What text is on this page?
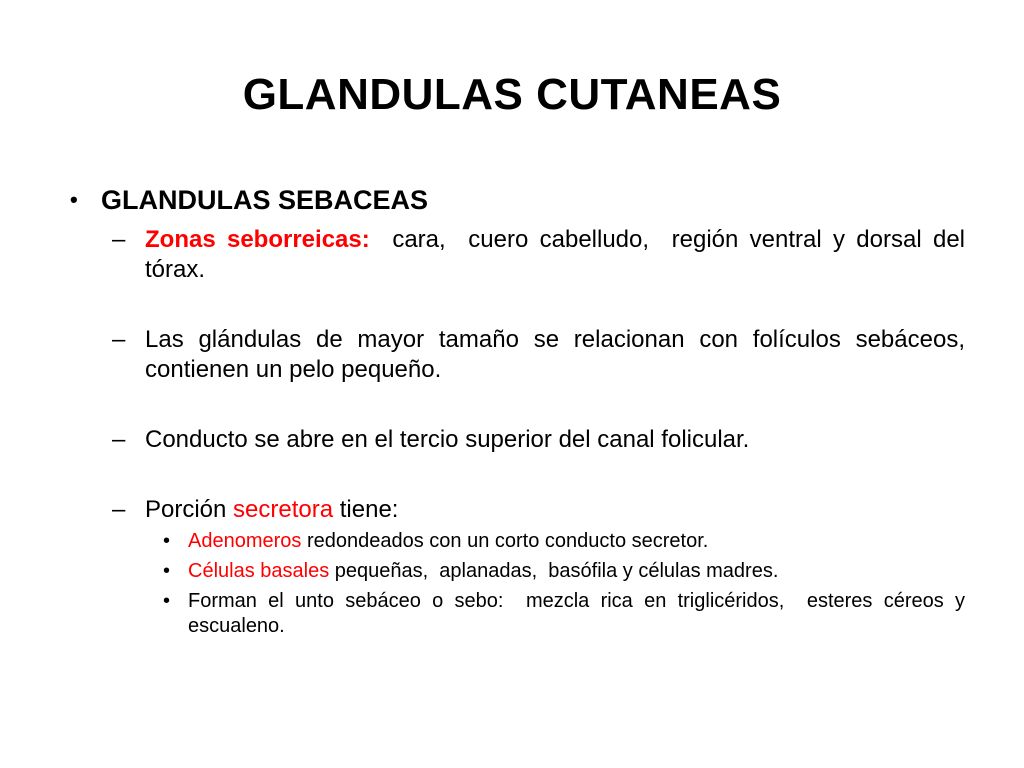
GLANDULAS CUTANEAS
• GLANDULAS SEBACEAS
– Zonas seborreicas:  cara,  cuero cabelludo,  región ventral y dorsal del tórax.
– Las glándulas de mayor tamaño se relacionan con folículos sebáceos,  contienen un pelo pequeño.
– Conducto se abre en el tercio superior del canal folicular.
– Porción secretora tiene:
• Adenomeros redondeados con un corto conducto secretor.
• Células basales pequeñas,  aplanadas,  basófila y células madres.
• Forman el unto sebáceo o sebo:  mezcla rica en triglicéridos,  esteres céreos y escualeno.
